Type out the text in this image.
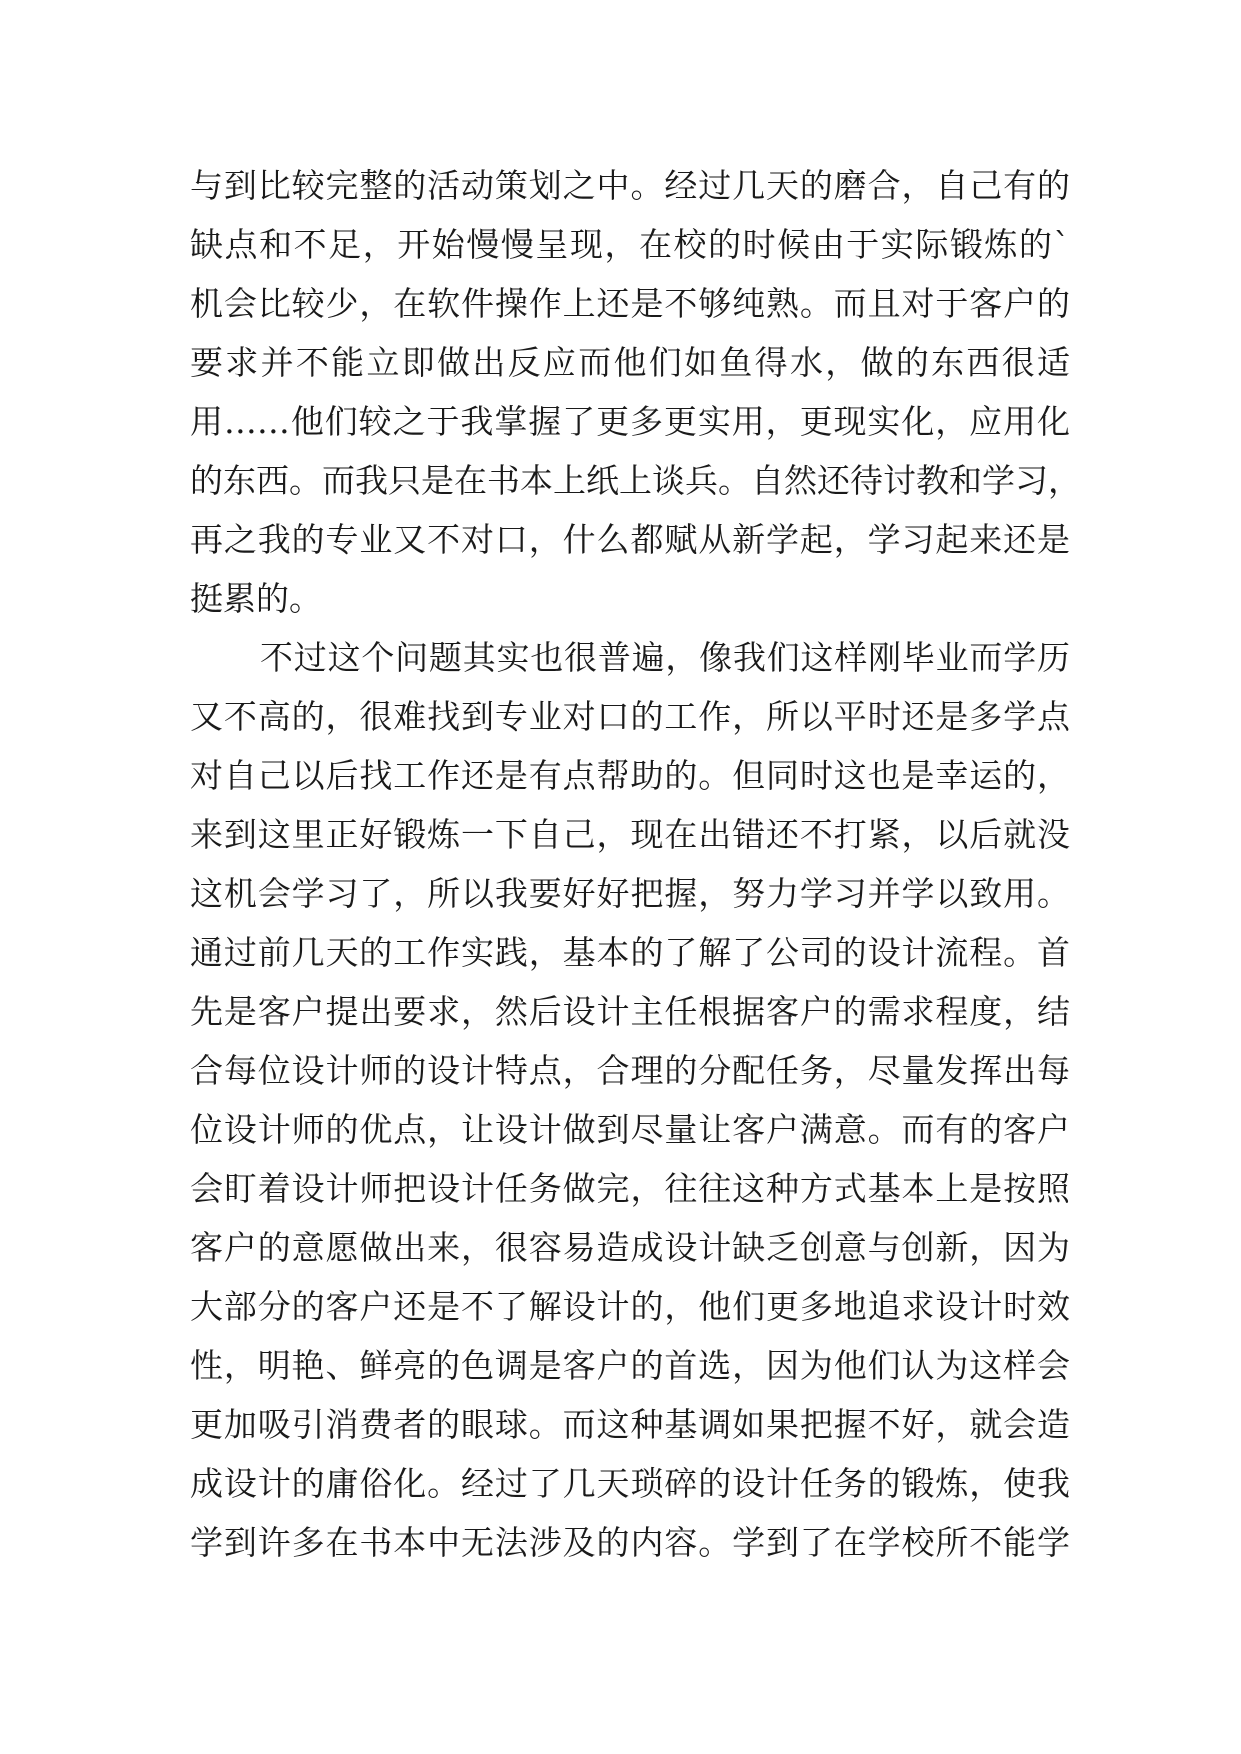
与到比较完整的活动策划之中。经过几天的磨合，自己有的
缺点和不足，开始慢慢呈现，在校的时候由于实际锻炼的`
机会比较少，在软件操作上还是不够纯熟。而且对于客户的
要求并不能立即做出反应而他们如鱼得水，做的东西很适
用……他们较之于我掌握了更多更实用，更现实化，应用化
的东西。而我只是在书本上纸上谈兵。自然还待讨教和学习，
再之我的专业又不对口，什么都赋从新学起，学习起来还是
挺累的。
不过这个问题其实也很普遍，像我们这样刚毕业而学历
又不高的，很难找到专业对口的工作，所以平时还是多学点
对自己以后找工作还是有点帮助的。但同时这也是幸运的，
来到这里正好锻炼一下自己，现在出错还不打紧，以后就没
这机会学习了，所以我要好好把握，努力学习并学以致用。
通过前几天的工作实践，基本的了解了公司的设计流程。首
先是客户提出要求，然后设计主任根据客户的需求程度，结
合每位设计师的设计特点，合理的分配任务，尽量发挥出每
位设计师的优点，让设计做到尽量让客户满意。而有的客户
会盯着设计师把设计任务做完，往往这种方式基本上是按照
客户的意愿做出来，很容易造成设计缺乏创意与创新，因为
大部分的客户还是不了解设计的，他们更多地追求设计时效
性，明艳、鲜亮的色调是客户的首选，因为他们认为这样会
更加吸引消费者的眼球。而这种基调如果把握不好，就会造
成设计的庸俗化。经过了几天琐碎的设计任务的锻炼，使我
学到许多在书本中无法涉及的内容。学到了在学校所不能学
